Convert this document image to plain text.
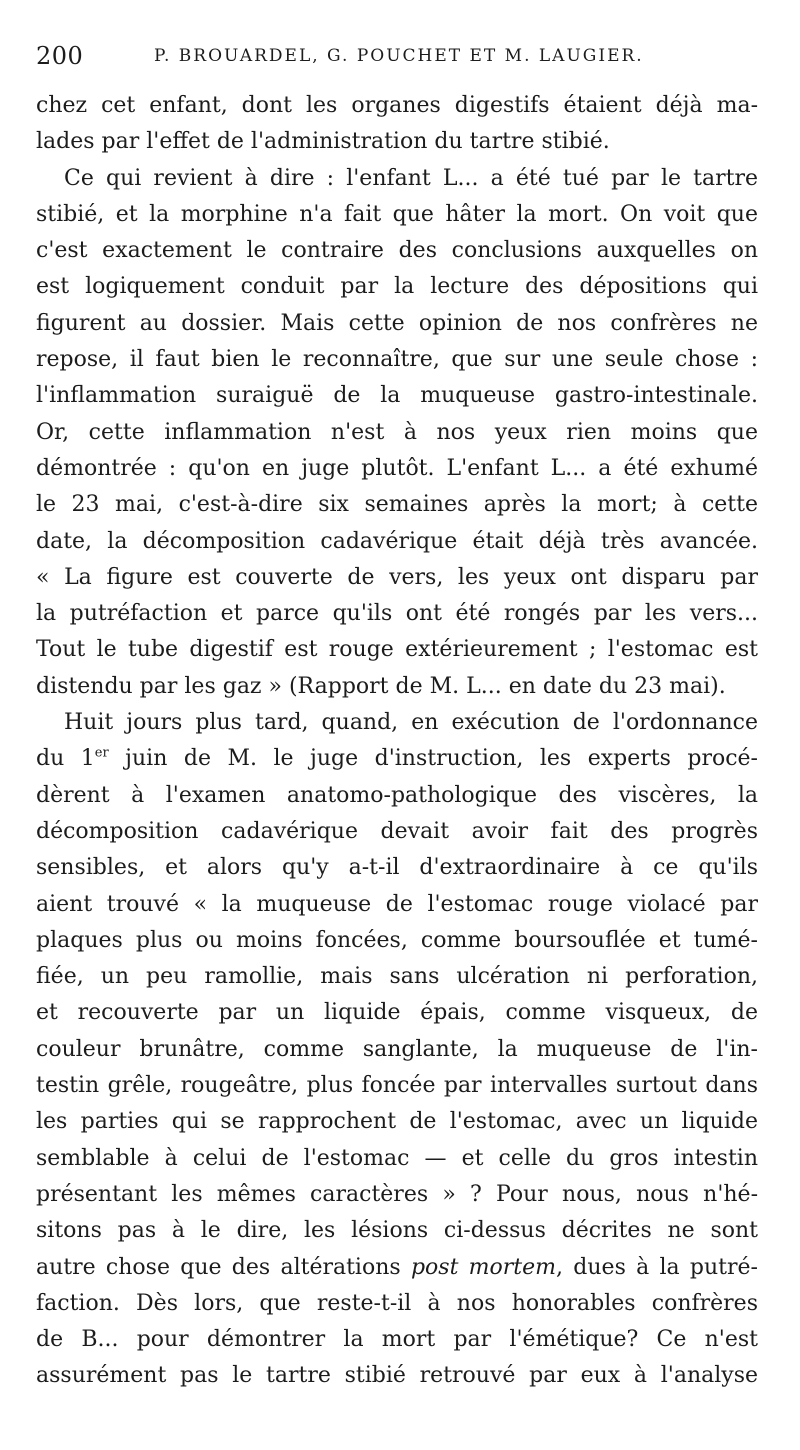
200	P. BROUARDEL, G. POUCHET ET M. LAUGIER.
chez cet enfant, dont les organes digestifs étaient déjà ma-
lades par l'effet de l'administration du tartre stibié.
Ce qui revient à dire : l'enfant L... a été tué par le tartre
stibié, et la morphine n'a fait que hâter la mort. On voit que
c'est exactement le contraire des conclusions auxquelles on
est logiquement conduit par la lecture des dépositions qui
figurent au dossier. Mais cette opinion de nos confrères ne
repose, il faut bien le reconnaître, que sur une seule chose :
l'inflammation suraiguë de la muqueuse gastro-intestinale.
Or, cette inflammation n'est à nos yeux rien moins que
démontrée : qu'on en juge plutôt. L'enfant L... a été exhumé
le 23 mai, c'est-à-dire six semaines après la mort; à cette
date, la décomposition cadavérique était déjà très avancée.
« La figure est couverte de vers, les yeux ont disparu par
la putréfaction et parce qu'ils ont été rongés par les vers...
Tout le tube digestif est rouge extérieurement ; l'estomac est
distendu par les gaz » (Rapport de M. L... en date du 23 mai).
Huit jours plus tard, quand, en exécution de l'ordonnance
du 1er juin de M. le juge d'instruction, les experts procé-
dèrent à l'examen anatomo-pathologique des viscères, la
décomposition cadavérique devait avoir fait des progrès
sensibles, et alors qu'y a-t-il d'extraordinaire à ce qu'ils
aient trouvé « la muqueuse de l'estomac rouge violacé par
plaques plus ou moins foncées, comme boursouflée et tumé-
fiée, un peu ramollie, mais sans ulcération ni perforation,
et recouverte par un liquide épais, comme visqueux, de
couleur brunâtre, comme sanglante, la muqueuse de l'in-
testin grêle, rougeâtre, plus foncée par intervalles surtout dans
les parties qui se rapprochent de l'estomac, avec un liquide
semblable à celui de l'estomac — et celle du gros intestin
présentant les mêmes caractères » ? Pour nous, nous n'hé-
sitons pas à le dire, les lésions ci-dessus décrites ne sont
autre chose que des altérations post mortem, dues à la putré-
faction. Dès lors, que reste-t-il à nos honorables confrères
de B... pour démontrer la mort par l'émétique? Ce n'est
assurément pas le tartre stibié retrouvé par eux à l'analyse
